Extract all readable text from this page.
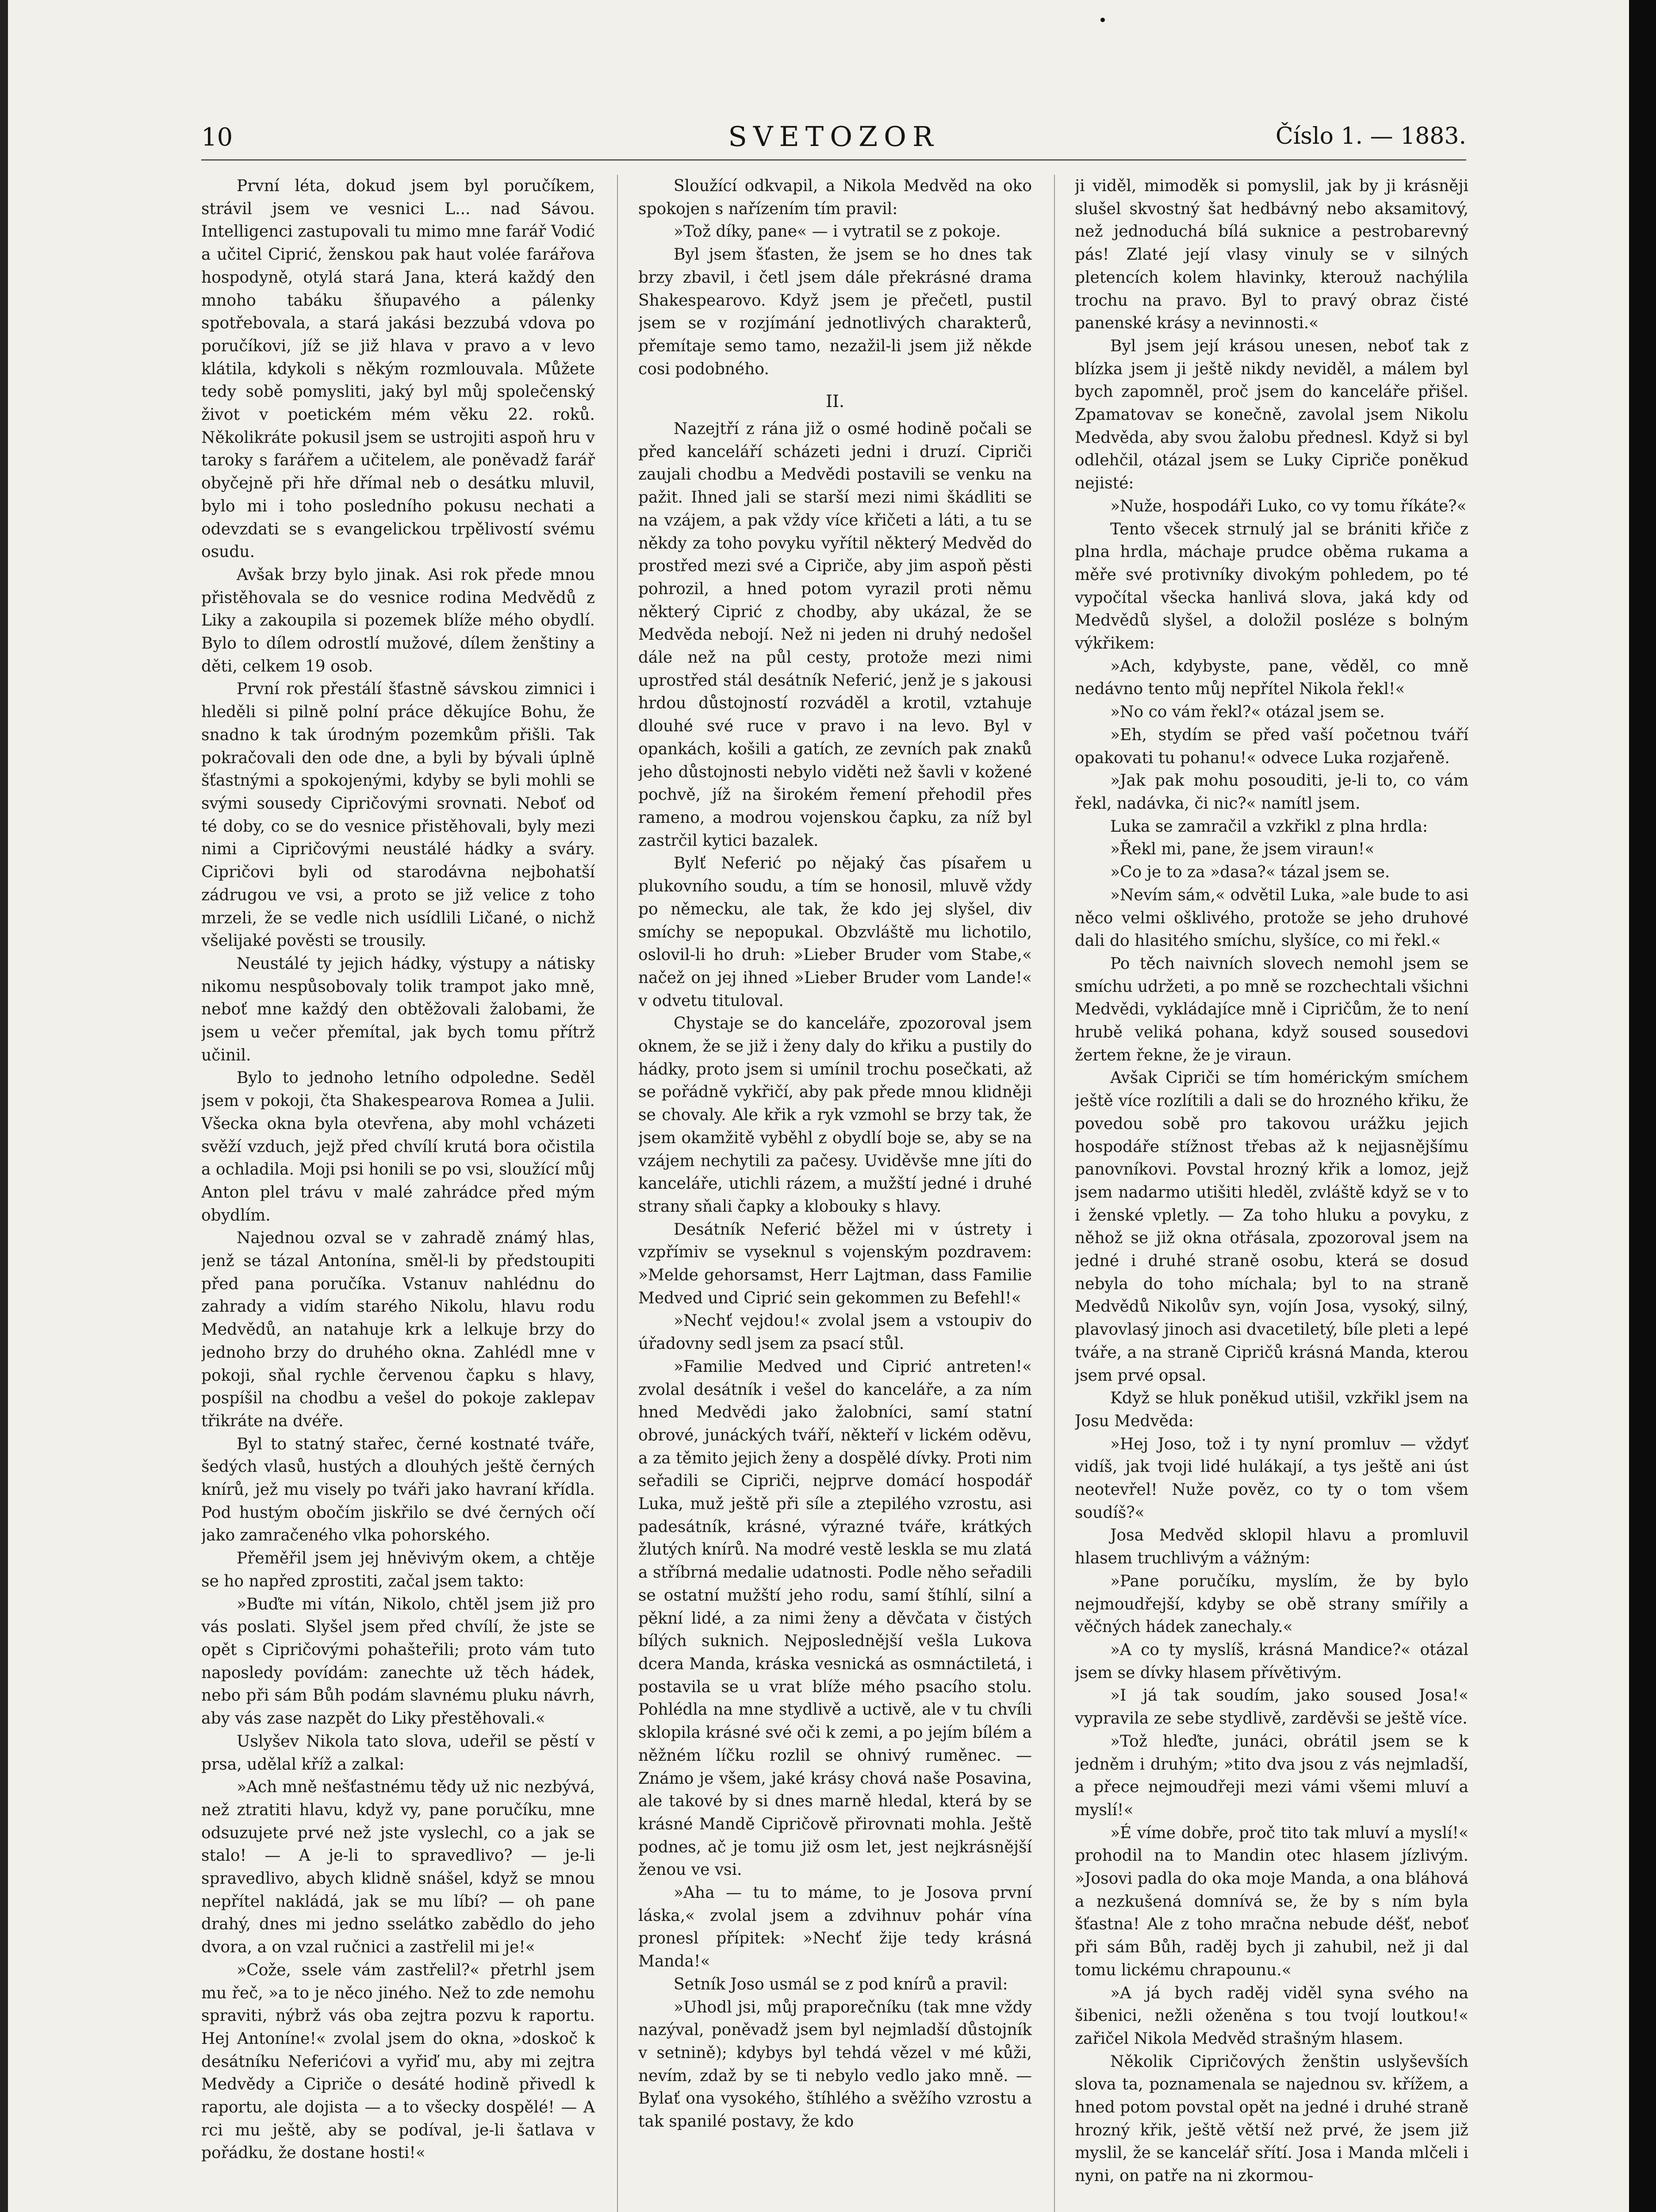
10	SVETOZOR	Číslo 1. — 1883.

První léta, dokud jsem byl poručíkem, strávil jsem ve vesnici L... nad Sávou. Intelligenci zastupovali tu mimo mne farář Vodić a učitel Ciprić, ženskou pak haut volée farářova hospodyně, otylá stará Jana, která každý den mnoho tabáku šňupavého a pálenky spotřebovala, a stará jakási bezzubá vdova po poručíkovi, jíž se již hlava v pravo a v levo klátila, kdykoli s někým rozmlouvala. Můžete tedy sobě pomysliti, jaký byl můj společenský život v poetickém mém věku 22. roků. Několikráte pokusil jsem se ustrojiti aspoň hru v taroky s farářem a učitelem, ale poněvadž farář obyčejně při hře dřímal neb o desátku mluvil, bylo mi i toho posledního pokusu nechati a odevzdati se s evangelickou trpělivostí svému osudu.

Avšak brzy bylo jinak. Asi rok přede mnou přistěhovala se do vesnice rodina Medvědů z Liky a zakoupila si pozemek blíže mého obydlí. Bylo to dílem odrostlí mužové, dílem ženštiny a děti, celkem 19 osob.

První rok přestálí šťastně sávskou zimnici i hleděli si pilně polní práce děkujíce Bohu, že snadno k tak úrodným pozemkům přišli. Tak pokračovali den ode dne, a byli by bývali úplně šťastnými a spokojenými, kdyby se byli mohli se svými sousedy Cipričovými srovnati. Neboť od té doby, co se do vesnice přistěhovali, byly mezi nimi a Cipričovými neustálé hádky a sváry. Cipričovi byli od starodávna nejbohatší zádrugou ve vsi, a proto se již velice z toho mrzeli, že se vedle nich usídlili Ličané, o nichž všelijaké pověsti se trousily.

Neustálé ty jejich hádky, výstupy a nátisky nikomu nespůsobovaly tolik trampot jako mně, neboť mne každý den obtěžovali žalobami, že jsem u večer přemítal, jak bych tomu přítrž učinil.

Bylo to jednoho letního odpoledne. Seděl jsem v pokoji, čta Shakespearova Romea a Julii. Všecka okna byla otevřena, aby mohl vcházeti svěží vzduch, jejž před chvílí krutá bora očistila a ochladila. Moji psi honili se po vsi, sloužící můj Anton plel trávu v malé zahrádce před mým obydlím.

Najednou ozval se v zahradě známý hlas, jenž se tázal Antonína, směl-li by předstoupiti před pana poručíka. Vstanuv nahlédnu do zahrady a vidím starého Nikolu, hlavu rodu Medvědů, an natahuje krk a lelkuje brzy do jednoho brzy do druhého okna. Zahlédl mne v pokoji, sňal rychle červenou čapku s hlavy, pospíšil na chodbu a vešel do pokoje zaklepav třikráte na dvéře.

Byl to statný stařec, černé kostnaté tváře, šedých vlasů, hustých a dlouhých ještě černých knírů, jež mu visely po tváři jako havraní křídla. Pod hustým obočím jiskřilo se dvé černých očí jako zamračeného vlka pohorského.

Přeměřil jsem jej hněvivým okem, a chtěje se ho napřed zprostiti, začal jsem takto:

»Buďte mi vítán, Nikolo, chtěl jsem již pro vás poslati. Slyšel jsem před chvílí, že jste se opět s Cipričovými pohašteřili; proto vám tuto naposledy povídám: zanechte už těch hádek, nebo při sám Bůh podám slavnému pluku návrh, aby vás zase nazpět do Liky přestěhovali.«

Uslyšev Nikola tato slova, udeřil se pěstí v prsa, udělal kříž a zalkal:

»Ach mně nešťastnému tědy už nic nezbývá, než ztratiti hlavu, když vy, pane poručíku, mne odsuzujete prvé než jste vyslechl, co a jak se stalo! — A je-li to spravedlivo? — je-li spravedlivo, abych klidně snášel, když se mnou nepřítel nakládá, jak se mu líbí? — oh pane drahý, dnes mi jedno sselátko zabědlo do jeho dvora, a on vzal ručnici a zastřelil mi je!«

»Cože, ssele vám zastřelil?« přetrhl jsem mu řeč, »a to je něco jiného. Než to zde nemohu spraviti, nýbrž vás oba zejtra pozvu k raportu. Hej Antoníne!« zvolal jsem do okna, »doskoč k desátníku Neferićovi a vyřiď mu, aby mi zejtra Medvědy a Cipriče o desáté hodině přivedl k raportu, ale dojista — a to všecky dospělé! — A rci mu ještě, aby se podíval, je-li šatlava v pořádku, že dostane hosti!«

Sloužící odkvapil, a Nikola Medvěd na oko spokojen s nařízením tím pravil:

»Tož díky, pane« — i vytratil se z pokoje.

Byl jsem šťasten, že jsem se ho dnes tak brzy zbavil, i četl jsem dále překrásné drama Shakespearovo. Když jsem je přečetl, pustil jsem se v rozjímání jednotlivých charakterů, přemítaje semo tamo, nezažil-li jsem již někde cosi podobného.

II.

Nazejtří z rána již o osmé hodině počali se před kanceláří scházeti jedni i druzí. Cipriči zaujali chodbu a Medvědi postavili se venku na pažit. Ihned jali se starší mezi nimi škádliti se na vzájem, a pak vždy více křičeti a láti, a tu se někdy za toho povyku vyřítil některý Medvěd do prostřed mezi své a Cipriče, aby jim aspoň pěsti pohrozil, a hned potom vyrazil proti němu některý Ciprić z chodby, aby ukázal, že se Medvěda nebojí. Než ni jeden ni druhý nedošel dále než na půl cesty, protože mezi nimi uprostřed stál desátník Neferić, jenž je s jakousi hrdou důstojností rozváděl a krotil, vztahuje dlouhé své ruce v pravo i na levo. Byl v opankách, košili a gatích, ze zevních pak znaků jeho důstojnosti nebylo viděti než šavli v kožené pochvě, jíž na širokém řemení přehodil přes rameno, a modrou vojenskou čapku, za níž byl zastrčil kytici bazalek.

Bylť Neferić po nějaký čas písařem u plukovního soudu, a tím se honosil, mluvě vždy po německu, ale tak, že kdo jej slyšel, div smíchy se nepopukal. Obzvláště mu lichotilo, oslovil-li ho druh: »Lieber Bruder vom Stabe,« načež on jej ihned »Lieber Bruder vom Lande!« v odvetu tituloval.

Chystaje se do kanceláře, zpozoroval jsem oknem, že se již i ženy daly do křiku a pustily do hádky, proto jsem si umínil trochu posečkati, až se pořádně vykřičí, aby pak přede mnou klidněji se chovaly. Ale křik a ryk vzmohl se brzy tak, že jsem okamžitě vyběhl z obydlí boje se, aby se na vzájem nechytili za pačesy. Uviděvše mne jíti do kanceláře, utichli rázem, a mužští jedné i druhé strany sňali čapky a klobouky s hlavy.

Desátník Neferić běžel mi v ústrety i vzpřímiv se vyseknul s vojenským pozdravem: »Melde gehorsamst, Herr Lajtman, dass Familie Medved und Ciprić sein gekommen zu Befehl!«

»Nechť vejdou!« zvolal jsem a vstoupiv do úřadovny sedl jsem za psací stůl.

»Familie Medved und Ciprić antreten!« zvolal desátník i vešel do kanceláře, a za ním hned Medvědi jako žalobníci, samí statní obrové, junáckých tváří, někteří v lickém oděvu, a za těmito jejich ženy a dospělé dívky. Proti nim seřadili se Cipriči, nejprve domácí hospodář Luka, muž ještě při síle a ztepilého vzrostu, asi padesátník, krásné, výrazné tváře, krátkých žlutých knírů. Na modré vestě leskla se mu zlatá a stříbrná medalie udatnosti. Podle něho seřadili se ostatní mužští jeho rodu, samí štíhlí, silní a pěkní lidé, a za nimi ženy a děvčata v čistých bílých suknich. Nejposlednější vešla Lukova dcera Manda, kráska vesnická as osmnáctiletá, i postavila se u vrat blíže mého psacího stolu. Pohlédla na mne stydlivě a uctivě, ale v tu chvíli sklopila krásné své oči k zemi, a po jejím bílém a něžném líčku rozlil se ohnivý ruměnec. — Známo je všem, jaké krásy chová naše Posavina, ale takové by si dnes marně hledal, která by se krásné Mandě Cipričově přirovnati mohla. Ještě podnes, ač je tomu již osm let, jest nejkrásnější ženou ve vsi.

»Aha — tu to máme, to je Josova první láska,« zvolal jsem a zdvihnuv pohár vína pronesl přípitek: »Nechť žije tedy krásná Manda!«

Setník Joso usmál se z pod knírů a pravil:

»Uhodl jsi, můj praporečníku (tak mne vždy nazýval, poněvadž jsem byl nejmladší důstojník v setnině); kdybys byl tehdá vězel v mé kůži, nevím, zdaž by se ti nebylo vedlo jako mně. — Bylať ona vysokého, štíhlého a svěžího vzrostu a tak spanilé postavy, že kdo

ji viděl, mimoděk si pomyslil, jak by ji krásněji slušel skvostný šat hedbávný nebo aksamitový, než jednoduchá bílá suknice a pestrobarevný pás! Zlaté její vlasy vinuly se v silných pletencích kolem hlavinky, kterouž nachýlila trochu na pravo. Byl to pravý obraz čisté panenské krásy a nevinnosti.«

Byl jsem její krásou unesen, neboť tak z blízka jsem ji ještě nikdy neviděl, a málem byl bych zapomněl, proč jsem do kanceláře přišel. Zpamatovav se konečně, zavolal jsem Nikolu Medvěda, aby svou žalobu přednesl. Když si byl odlehčil, otázal jsem se Luky Cipriče poněkud nejisté:

»Nuže, hospodáři Luko, co vy tomu říkáte?«

Tento všecek strnulý jal se brániti křiče z plna hrdla, máchaje prudce oběma rukama a měře své protivníky divokým pohledem, po té vypočítal všecka hanlivá slova, jaká kdy od Medvědů slyšel, a doložil posléze s bolným výkřikem:

»Ach, kdybyste, pane, věděl, co mně nedávno tento můj nepřítel Nikola řekl!«

»No co vám řekl?« otázal jsem se.

»Eh, stydím se před vaší početnou tváří opakovati tu pohanu!« odvece Luka rozjařeně.

»Jak pak mohu posouditi, je-li to, co vám řekl, nadávka, či nic?« namítl jsem.

Luka se zamračil a vzkřikl z plna hrdla:

»Řekl mi, pane, že jsem viraun!«

»Co je to za »dasa?« tázal jsem se.

»Nevím sám,« odvětil Luka, »ale bude to asi něco velmi ošklivého, protože se jeho druhové dali do hlasitého smíchu, slyšíce, co mi řekl.«

Po těch naivních slovech nemohl jsem se smíchu udržeti, a po mně se rozchechtali všichni Medvědi, vykládajíce mně i Cipričům, že to není hrubě veliká pohana, když soused sousedovi žertem řekne, že je viraun.

Avšak Cipriči se tím homérickým smíchem ještě více rozlítili a dali se do hrozného křiku, že povedou sobě pro takovou urážku jejich hospodáře stížnost třebas až k nejjasnějšímu panovníkovi. Povstal hrozný křik a lomoz, jejž jsem nadarmo utišiti hleděl, zvláště když se v to i ženské vpletly. — Za toho hluku a povyku, z něhož se již okna otřásala, zpozoroval jsem na jedné i druhé straně osobu, která se dosud nebyla do toho míchala; byl to na straně Medvědů Nikolův syn, vojín Josa, vysoký, silný, plavovlasý jinoch asi dvacetiletý, bíle pleti a lepé tváře, a na straně Cipričů krásná Manda, kterou jsem prvé opsal.

Když se hluk poněkud utišil, vzkřikl jsem na Josu Medvěda:

»Hej Joso, tož i ty nyní promluv — vždyť vidíš, jak tvoji lidé hulákají, a tys ještě ani úst neotevřel! Nuže pověz, co ty o tom všem soudíš?«

Josa Medvěd sklopil hlavu a promluvil hlasem truchlivým a vážným:

»Pane poručíku, myslím, že by bylo nejmoudřejší, kdyby se obě strany smířily a věčných hádek zanechaly.«

»A co ty myslíš, krásná Mandice?« otázal jsem se dívky hlasem přívětivým.

»I já tak soudím, jako soused Josa!« vypravila ze sebe stydlivě, zarděvši se ještě více.

»Tož hleďte, junáci, obrátil jsem se k jedněm i druhým; »tito dva jsou z vás nejmladší, a přece nejmoudřeji mezi vámi všemi mluví a myslí!«

»É víme dobře, proč tito tak mluví a myslí!« prohodil na to Mandin otec hlasem jízlivým. »Josovi padla do oka moje Manda, a ona bláhová a nezkušená domnívá se, že by s ním byla šťastna! Ale z toho mračna nebude déšť, neboť při sám Bůh, raděj bych ji zahubil, než ji dal tomu lickému chrapounu.«

»A já bych raděj viděl syna svého na šibenici, nežli oženěna s tou tvojí loutkou!« zařičel Nikola Medvěd strašným hlasem.

Několik Cipričových ženštin uslyševších slova ta, poznamenala se najednou sv. křížem, a hned potom povstal opět na jedné i druhé straně hrozný křik, ještě větší než prvé, že jsem již myslil, že se kancelář sřítí. Josa i Manda mlčeli i nyni, on patře na ni zkormou-
